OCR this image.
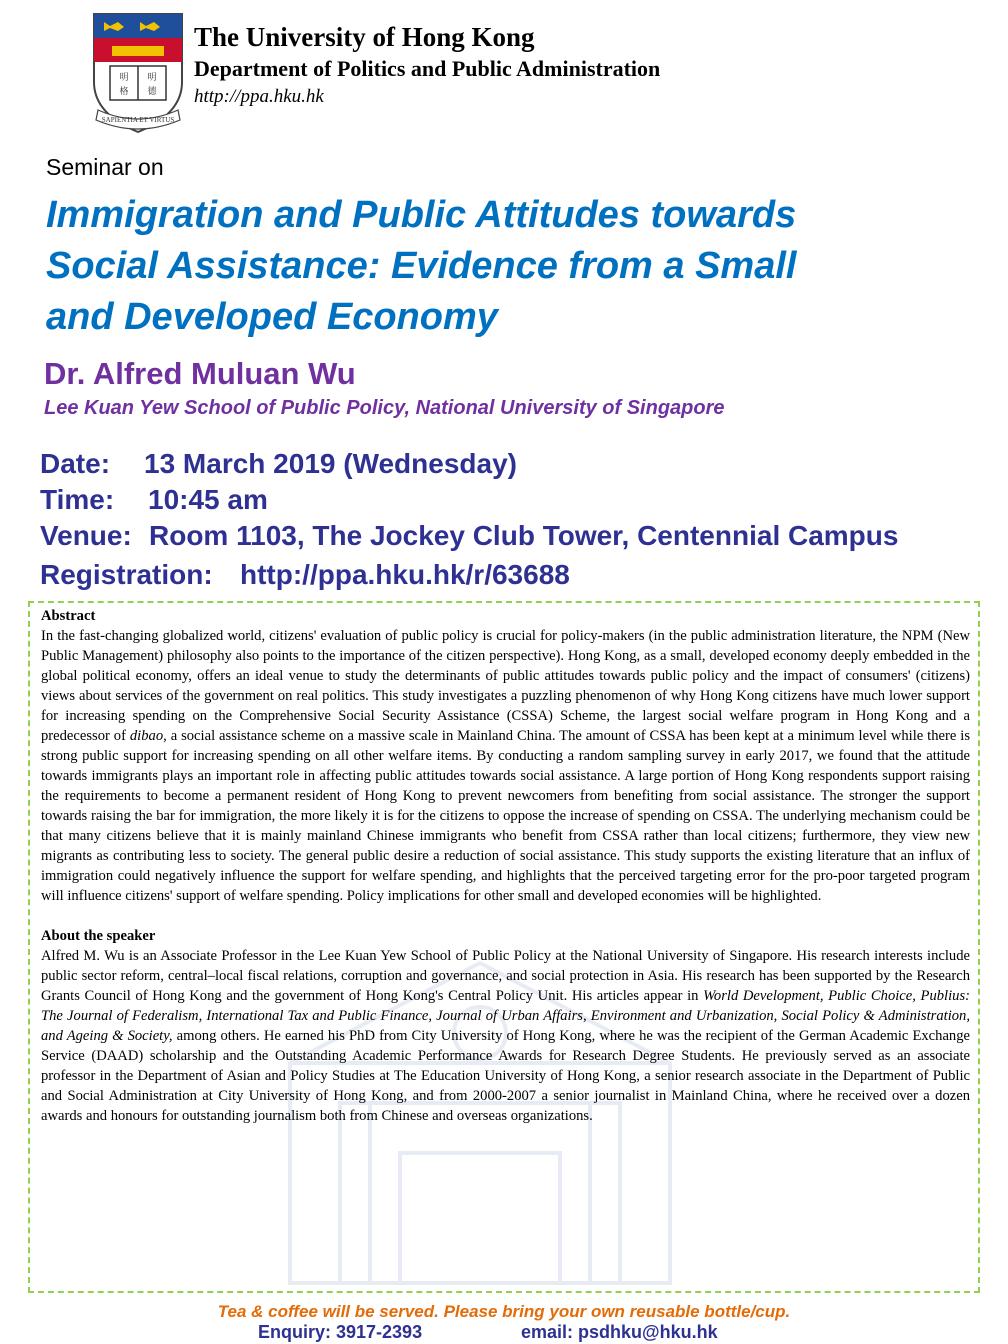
明 明
格 德
SAPIENTIA ET VIRTUS
The University of Hong Kong
Department of Politics and Public Administration
http://ppa.hku.hk
Seminar on
Immigration and Public Attitudes towards
Social Assistance: Evidence from a Small
and Developed Economy
Dr. Alfred Muluan Wu
Lee Kuan Yew School of Public Policy, National University of Singapore
Date: 13 March 2019 (Wednesday)
Time: 10:45 am
Venue: Room 1103, The Jockey Club Tower, Centennial Campus
Registration: http://ppa.hku.hk/r/63688
Abstract

In the fast-changing globalized world, citizens' evaluation of public policy is crucial for policy-makers (in the public administration literature, the NPM (New Public Management) philosophy also points to the importance of the citizen perspective). Hong Kong, as a small, developed economy deeply embedded in the global political economy, offers an ideal venue to study the determinants of public attitudes towards public policy and the impact of consumers' (citizens) views about services of the government on real politics. This study investigates a puzzling phenomenon of why Hong Kong citizens have much lower support for increasing spending on the Comprehensive Social Security Assistance (CSSA) Scheme, the largest social welfare program in Hong Kong and a predecessor of dibao, a social assistance scheme on a massive scale in Mainland China. The amount of CSSA has been kept at a minimum level while there is strong public support for increasing spending on all other welfare items. By conducting a random sampling survey in early 2017, we found that the attitude towards immigrants plays an important role in affecting public attitudes towards social assistance. A large portion of Hong Kong respondents support raising the requirements to become a permanent resident of Hong Kong to prevent newcomers from benefiting from social assistance. The stronger the support towards raising the bar for immigration, the more likely it is for the citizens to oppose the increase of spending on CSSA. The underlying mechanism could be that many citizens believe that it is mainly mainland Chinese immigrants who benefit from CSSA rather than local citizens; furthermore, they view new migrants as contributing less to society. The general public desire a reduction of social assistance. This study supports the existing literature that an influx of immigration could negatively influence the support for welfare spending, and highlights that the perceived targeting error for the pro-poor targeted program will influence citizens' support of welfare spending. Policy implications for other small and developed economies will be highlighted.

About the speaker

Alfred M. Wu is an Associate Professor in the Lee Kuan Yew School of Public Policy at the National University of Singapore. His research interests include public sector reform, central–local fiscal relations, corruption and governance, and social protection in Asia. His research has been supported by the Research Grants Council of Hong Kong and the government of Hong Kong's Central Policy Unit. His articles appear in World Development, Public Choice, Publius: The Journal of Federalism, International Tax and Public Finance, Journal of Urban Affairs, Environment and Urbanization, Social Policy & Administration, and Ageing & Society, among others. He earned his PhD from City University of Hong Kong, where he was the recipient of the German Academic Exchange Service (DAAD) scholarship and the Outstanding Academic Performance Awards for Research Degree Students. He previously served as an associate professor in the Department of Asian and Policy Studies at The Education University of Hong Kong, a senior research associate in the Department of Public and Social Administration at City University of Hong Kong, and from 2000-2007 a senior journalist in Mainland China, where he received over a dozen awards and honours for outstanding journalism both from Chinese and overseas organizations.

Tea & coffee will be served. Please bring your own reusable bottle/cup.
Enquiry: 3917-2393	email: psdhku@hku.hk
